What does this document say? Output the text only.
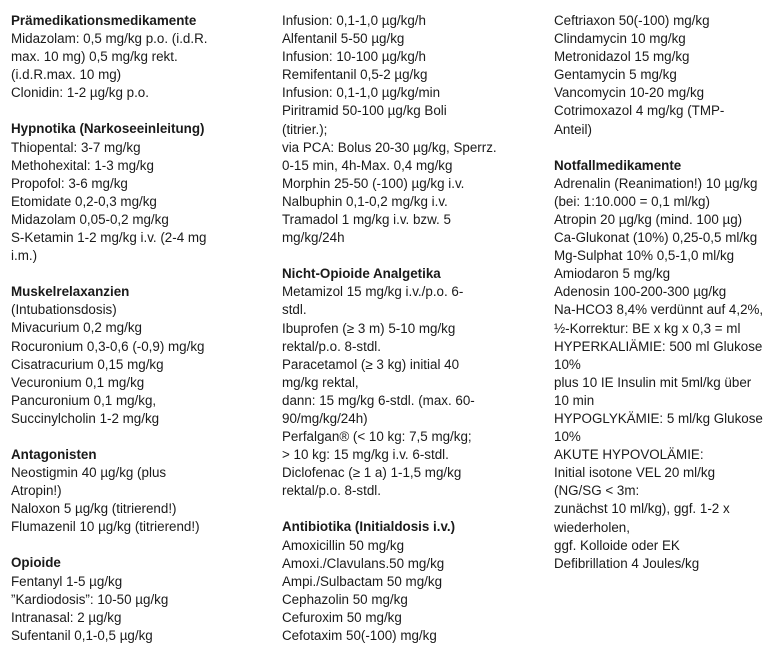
Prämedikationsmedikamente

Midazolam: 0,5 mg/kg p.o. (i.d.R.
max. 10 mg) 0,5 mg/kg rekt.
(i.d.R.max. 10 mg)
Clonidin: 1-2 µg/kg p.o.

Hypnotika (Narkoseeinleitung)

Thiopental: 3-7 mg/kg
Methohexital: 1-3 mg/kg
Propofol: 3-6 mg/kg
Etomidate 0,2-0,3 mg/kg
Midazolam 0,05-0,2 mg/kg
S-Ketamin 1-2 mg/kg i.v. (2-4 mg
i.m.)

Muskelrelaxanzien

(Intubationsdosis)
Mivacurium 0,2 mg/kg
Rocuronium 0,3-0,6 (-0,9) mg/kg
Cisatracurium 0,15 mg/kg
Vecuronium 0,1 mg/kg
Pancuronium 0,1 mg/kg,
Succinylcholin 1-2 mg/kg

Antagonisten

Neostigmin 40 µg/kg (plus
Atropin!)
Naloxon 5 µg/kg (titrierend!)
Flumazenil 10 µg/kg (titrierend!)

Opioide

Fentanyl 1-5 µg/kg
”Kardiodosis”: 10-50 µg/kg
Intranasal: 2 µg/kg
Sufentanil 0,1-0,5 µg/kg
Infusion: 0,1-1,0 µg/kg/h
Alfentanil 5-50 µg/kg
Infusion: 10-100 µg/kg/h
Remifentanil 0,5-2 µg/kg
Infusion: 0,1-1,0 µg/kg/min
Piritramid 50-100 µg/kg Boli
(titrier.);
via PCA: Bolus 20-30 µg/kg, Sperrz.
0-15 min, 4h-Max. 0,4 mg/kg
Morphin 25-50 (-100) µg/kg i.v.
Nalbuphin 0,1-0,2 mg/kg i.v.
Tramadol 1 mg/kg i.v. bzw. 5
mg/kg/24h

Nicht-Opioide Analgetika

Metamizol 15 mg/kg i.v./p.o. 6-
stdl.
Ibuprofen (≥ 3 m) 5-10 mg/kg
rektal/p.o. 8-stdl.
Paracetamol (≥ 3 kg) initial 40
mg/kg rektal,
dann: 15 mg/kg 6-stdl. (max. 60-
90/mg/kg/24h)
Perfalgan® (< 10 kg: 7,5 mg/kg;
> 10 kg: 15 mg/kg i.v. 6-stdl.
Diclofenac (≥ 1 a) 1-1,5 mg/kg
rektal/p.o. 8-stdl.

Antibiotika (Initialdosis i.v.)

Amoxicillin 50 mg/kg
Amoxi./Clavulans.50 mg/kg
Ampi./Sulbactam 50 mg/kg
Cephazolin 50 mg/kg
Cefuroxim 50 mg/kg
Cefotaxim 50(-100) mg/kg
Ceftriaxon 50(-100) mg/kg
Clindamycin 10 mg/kg
Metronidazol 15 mg/kg
Gentamycin 5 mg/kg
Vancomycin 10-20 mg/kg
Cotrimoxazol 4 mg/kg (TMP-
Anteil)

Notfallmedikamente

Adrenalin (Reanimation!) 10 µg/kg
(bei: 1:10.000 = 0,1 ml/kg)
Atropin 20 µg/kg (mind. 100 µg)
Ca-Glukonat (10%) 0,25-0,5 ml/kg
Mg-Sulphat 10% 0,5-1,0 ml/kg
Amiodaron 5 mg/kg
Adenosin 100-200-300 µg/kg
Na-HCO3 8,4% verdünnt auf 4,2%,
½-Korrektur: BE x kg x 0,3 = ml
HYPERKALIÄMIE: 500 ml Glukose
10%
plus 10 IE Insulin mit 5ml/kg über
10 min
HYPOGLYKÄMIE: 5 ml/kg Glukose
10%
AKUTE HYPOVOLÄMIE:
Initial isotone VEL 20 ml/kg
(NG/SG < 3m:
zunächst 10 ml/kg), ggf. 1-2 x
wiederholen,
ggf. Kolloide oder EK
Defibrillation 4 Joules/kg
